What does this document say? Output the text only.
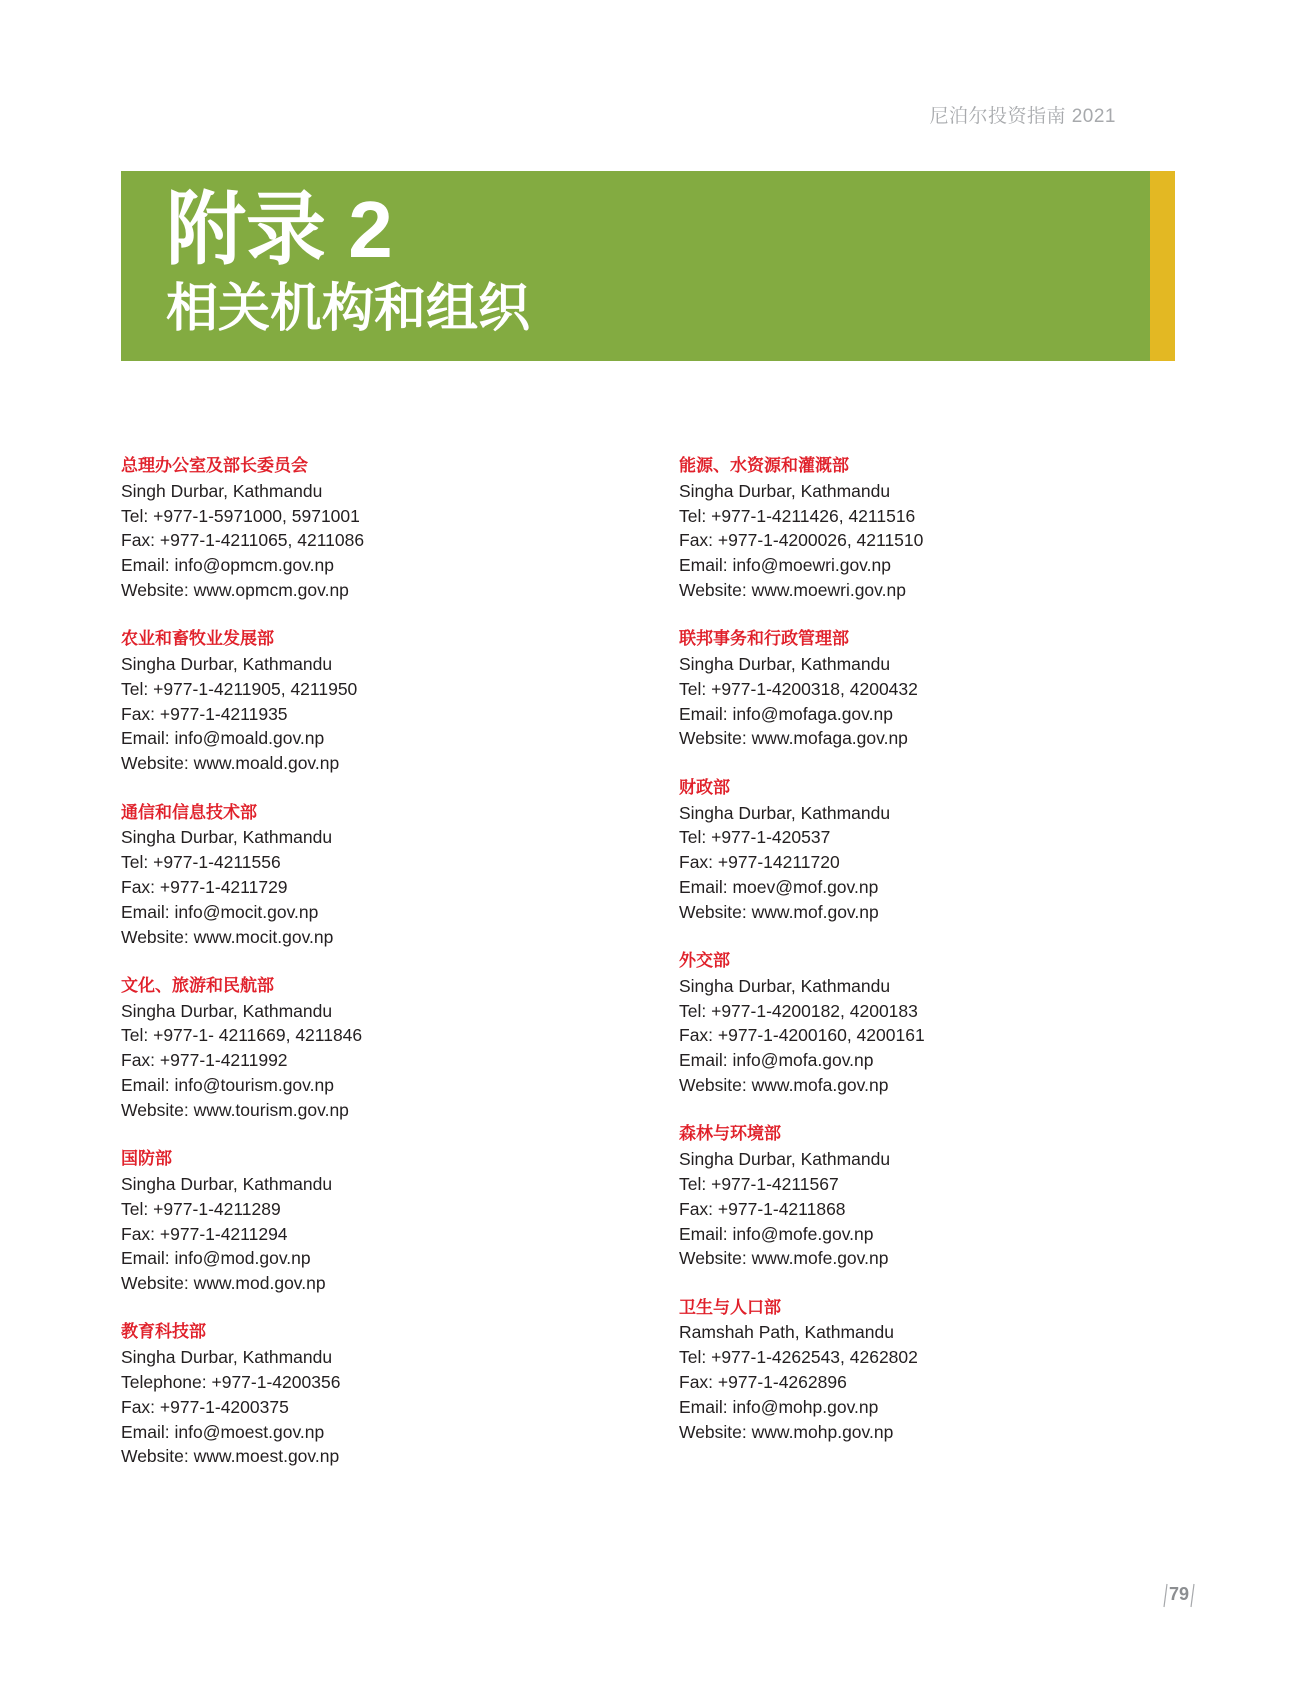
尼泊尔投资指南 2021
附录 2
相关机构和组织
总理办公室及部长委员会
Singh Durbar, Kathmandu
Tel: +977-1-5971000, 5971001
Fax: +977-1-4211065, 4211086
Email: info@opmcm.gov.np
Website: www.opmcm.gov.np
农业和畜牧业发展部
Singha Durbar, Kathmandu
Tel: +977-1-4211905, 4211950
Fax: +977-1-4211935
Email: info@moald.gov.np
Website: www.moald.gov.np
通信和信息技术部
Singha Durbar, Kathmandu
Tel: +977-1-4211556
Fax: +977-1-4211729
Email: info@mocit.gov.np
Website: www.mocit.gov.np
文化、旅游和民航部
Singha Durbar, Kathmandu
Tel: +977-1- 4211669, 4211846
Fax: +977-1-4211992
Email: info@tourism.gov.np
Website: www.tourism.gov.np
国防部
Singha Durbar, Kathmandu
Tel: +977-1-4211289
Fax: +977-1-4211294
Email: info@mod.gov.np
Website: www.mod.gov.np
教育科技部
Singha Durbar, Kathmandu
Telephone: +977-1-4200356
Fax: +977-1-4200375
Email: info@moest.gov.np
Website: www.moest.gov.np
能源、水资源和灌溉部
Singha Durbar, Kathmandu
Tel: +977-1-4211426, 4211516
Fax: +977-1-4200026, 4211510
Email: info@moewri.gov.np
Website: www.moewri.gov.np
联邦事务和行政管理部
Singha Durbar, Kathmandu
Tel: +977-1-4200318, 4200432
Email: info@mofaga.gov.np
Website: www.mofaga.gov.np
财政部
Singha Durbar, Kathmandu
Tel: +977-1-420537
Fax: +977-14211720
Email: moev@mof.gov.np
Website: www.mof.gov.np
外交部
Singha Durbar, Kathmandu
Tel: +977-1-4200182, 4200183
Fax: +977-1-4200160, 4200161
Email: info@mofa.gov.np
Website: www.mofa.gov.np
森林与环境部
Singha Durbar, Kathmandu
Tel: +977-1-4211567
Fax: +977-1-4211868
Email: info@mofe.gov.np
Website: www.mofe.gov.np
卫生与人口部
Ramshah Path, Kathmandu
Tel: +977-1-4262543, 4262802
Fax: +977-1-4262896
Email: info@mohp.gov.np
Website: www.mohp.gov.np
79
